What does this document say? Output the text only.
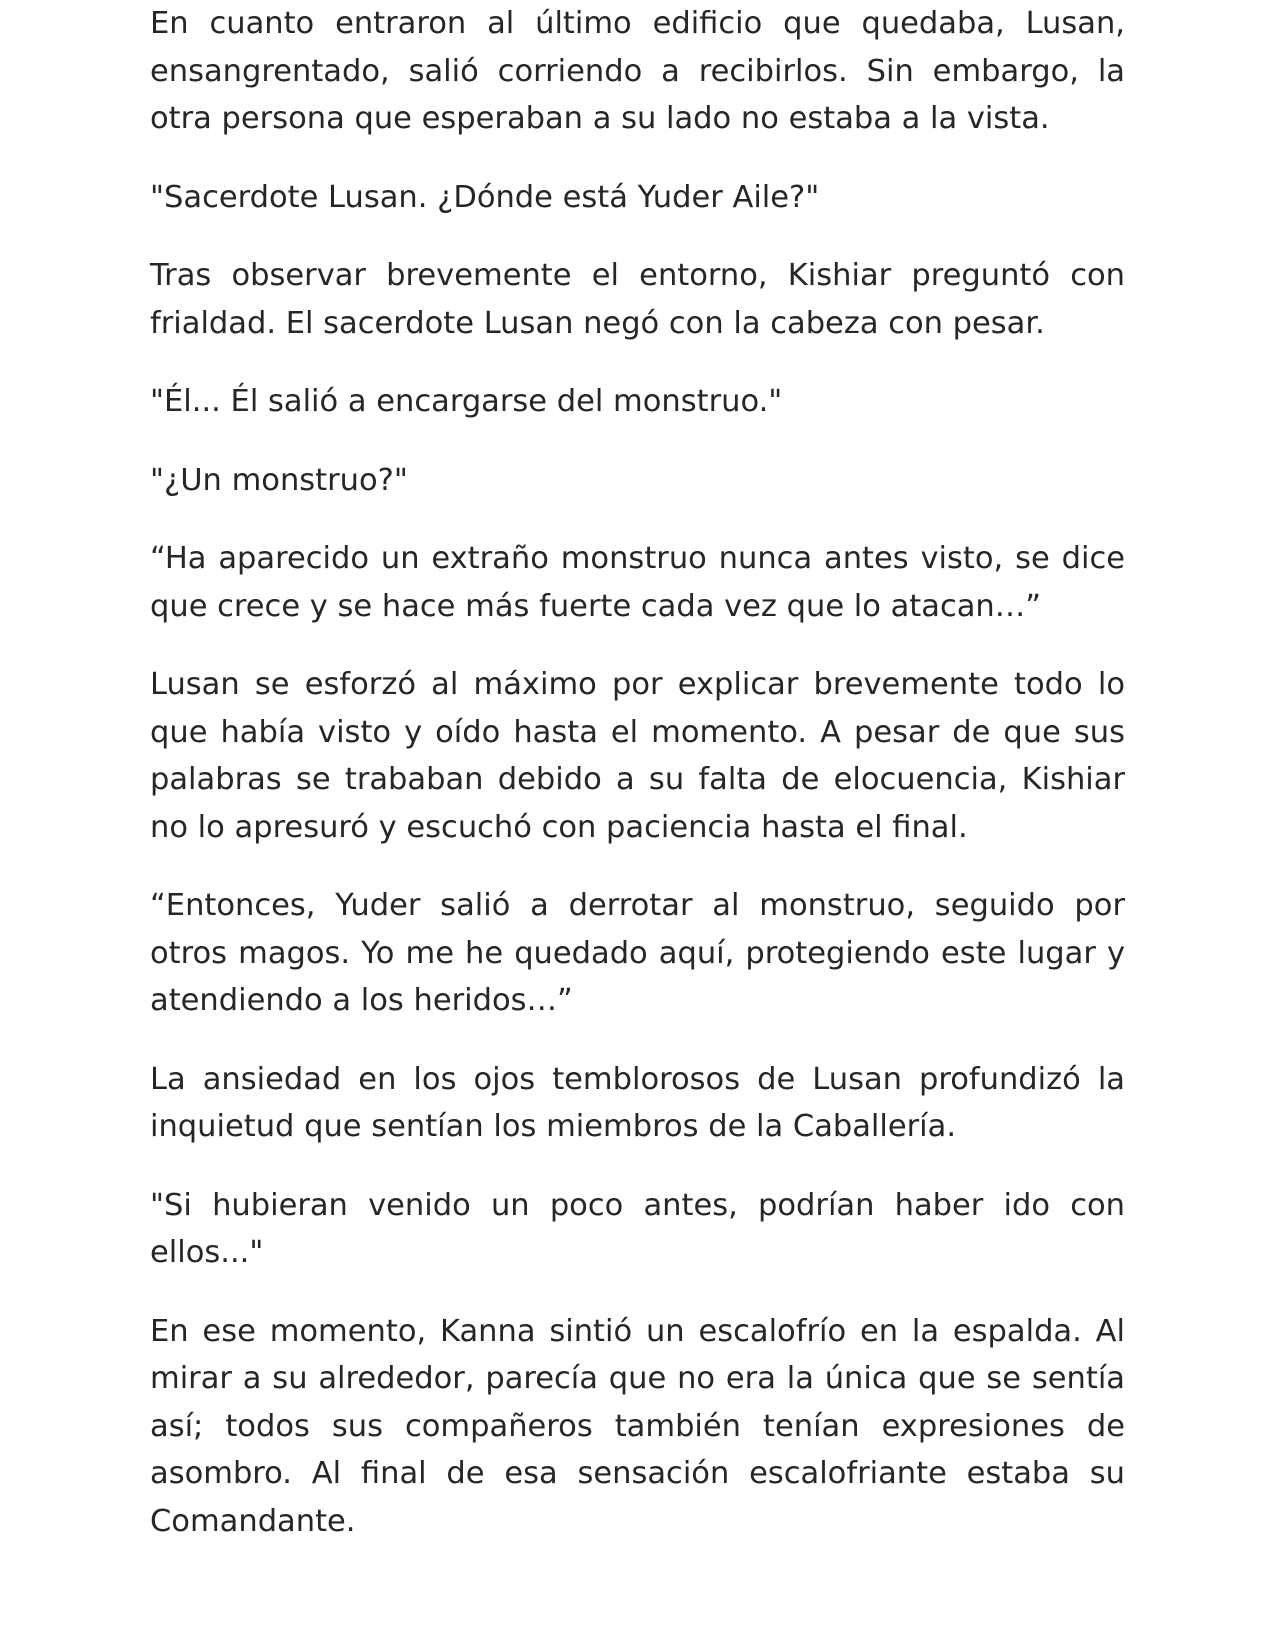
En cuanto entraron al último edificio que quedaba, Lusan, ensangrentado, salió corriendo a recibirlos. Sin embargo, la otra persona que esperaban a su lado no estaba a la vista.

"Sacerdote Lusan. ¿Dónde está Yuder Aile?"

Tras observar brevemente el entorno, Kishiar preguntó con frialdad. El sacerdote Lusan negó con la cabeza con pesar.

"Él... Él salió a encargarse del monstruo."

"¿Un monstruo?"

“Ha aparecido un extraño monstruo nunca antes visto, se dice que crece y se hace más fuerte cada vez que lo atacan…”

Lusan se esforzó al máximo por explicar brevemente todo lo que había visto y oído hasta el momento. A pesar de que sus palabras se trababan debido a su falta de elocuencia, Kishiar no lo apresuró y escuchó con paciencia hasta el final.

“Entonces, Yuder salió a derrotar al monstruo, seguido por otros magos. Yo me he quedado aquí, protegiendo este lugar y atendiendo a los heridos…”

La ansiedad en los ojos temblorosos de Lusan profundizó la inquietud que sentían los miembros de la Caballería.

"Si hubieran venido un poco antes, podrían haber ido con ellos..."

En ese momento, Kanna sintió un escalofrío en la espalda. Al mirar a su alrededor, parecía que no era la única que se sentía así; todos sus compañeros también tenían expresiones de asombro. Al final de esa sensación escalofriante estaba su Comandante.
